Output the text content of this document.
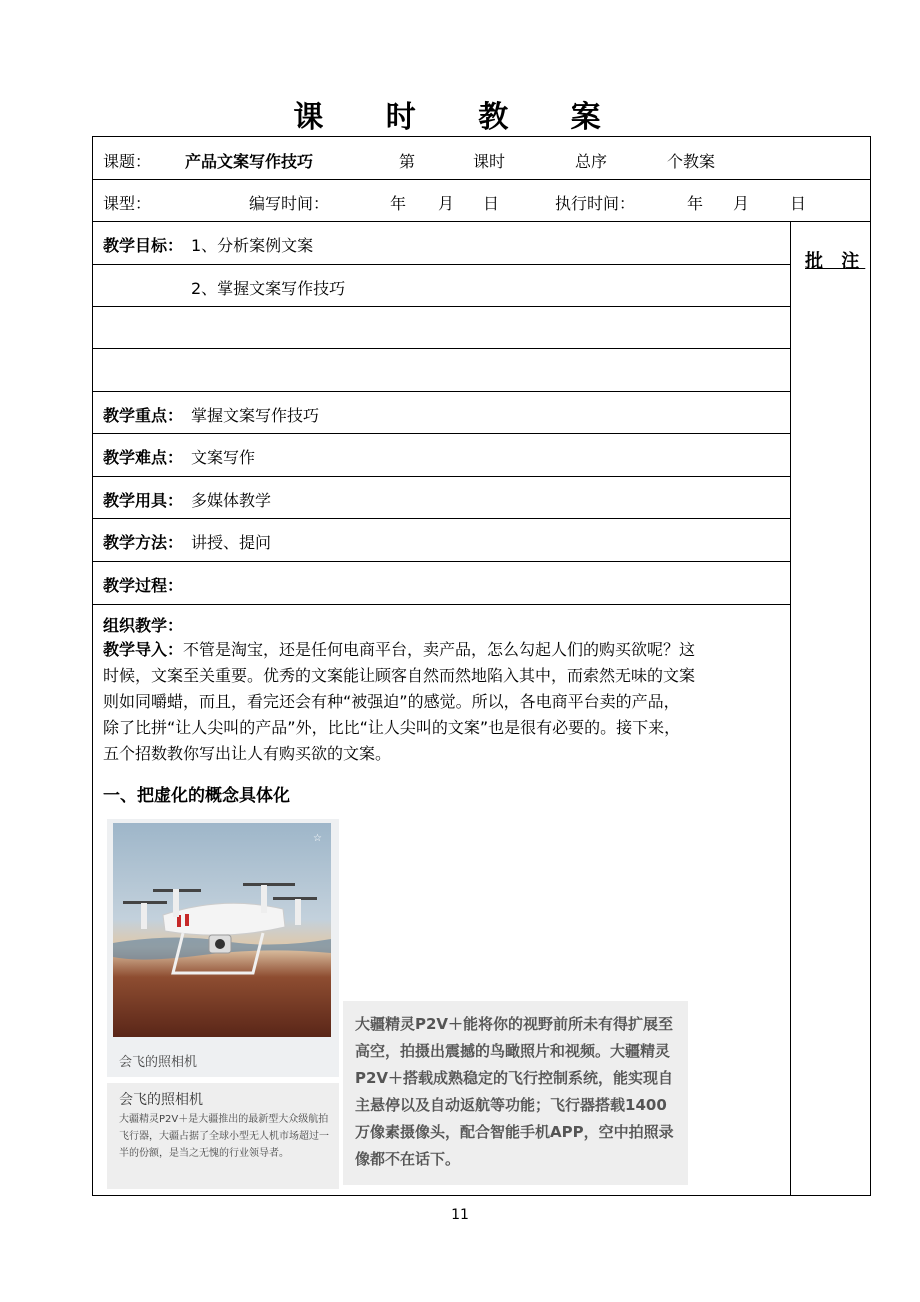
课 时 教 案
课题： 产品文案写作技巧	第	课时	总序	个教案
课型：	编写时间：	年 月 日	执行时间：	年 月	日
批 注
教学目标： 1、分析案例文案
2、掌握文案写作技巧
教学重点： 掌握文案写作技巧
教学难点： 文案写作
教学用具： 多媒体教学
教学方法： 讲授、提问
教学过程：
组织教学：

教学导入：不管是淘宝，还是任何电商平台，卖产品，怎么勾起人们的购买欲呢？这

时候，文案至关重要。优秀的文案能让顾客自然而然地陷入其中，而索然无味的文案

则如同嚼蜡，而且，看完还会有种“被强迫”的感觉。所以，各电商平台卖的产品，

除了比拼“让人尖叫的产品”外，比比“让人尖叫的文案”也是很有必要的。接下来，

五个招数教你写出让人有购买欲的文案。

一、把虚化的概念具体化
☆
会飞的照相机
会飞的照相机
大疆精灵P2V＋是大疆推出的最新型大众级航拍飞行器，大疆占据了全球小型无人机市场超过一半的份额，是当之无愧的行业领导者。
大疆精灵P2V＋能将你的视野前所未有得扩展至高空，拍摄出震撼的鸟瞰照片和视频。大疆精灵P2V＋搭载成熟稳定的飞行控制系统，能实现自主悬停以及自动返航等功能；飞行器搭载1400万像素摄像头，配合智能手机APP，空中拍照录像都不在话下。
11
